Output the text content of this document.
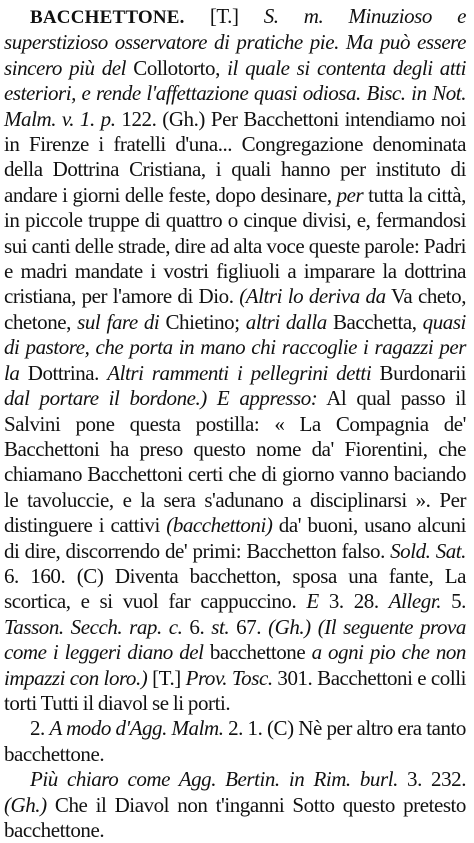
BACCHETTONE. [T.] S. m. Minuzioso e superstizioso osservatore di pratiche pie. Ma può essere sincero più del Collotorto, il quale si contenta degli atti esteriori, e rende l'affettazione quasi odiosa. Bisc. in Not. Malm. v. 1. p. 122. (Gh.) Per Bacchettoni intendiamo noi in Firenze i fratelli d'una... Congregazione denominata della Dottrina Cristiana, i quali hanno per instituto di andare i giorni delle feste, dopo desinare, per tutta la città, in piccole truppe di quattro o cinque divisi, e, fermandosi sui canti delle strade, dire ad alta voce queste parole: Padri e madri mandate i vostri figliuoli a imparare la dottrina cristiana, per l'amore di Dio. (Altri lo deriva da Va cheto, chetone, sul fare di Chietino; altri dalla Bacchetta, quasi di pastore, che porta in mano chi raccoglie i ragazzi per la Dottrina. Altri rammenti i pellegrini detti Burdonarii dal portare il bordone.) E appresso: Al qual passo il Salvini pone questa postilla: « La Compagnia de' Bacchettoni ha preso questo nome da' Fiorentini, che chiamano Bacchettoni certi che di giorno vanno baciando le tavoluccie, e la sera s'adunano a disciplinarsi ». Per distinguere i cattivi (bacchettoni) da' buoni, usano alcuni di dire, discorrendo de' primi: Bacchetton falso. Sold. Sat. 6. 160. (C) Diventa bacchetton, sposa una fante, La scortica, e si vuol far cappuccino. E 3. 28. Allegr. 5. Tasson. Secch. rap. c. 6. st. 67. (Gh.) (Il seguente prova come i leggeri diano del bacchettone a ogni pio che non impazzi con loro.) [T.] Prov. Tosc. 301. Bacchettoni e colli torti Tutti il diavol se li porti.

2. A modo d'Agg. Malm. 2. 1. (C) Nè per altro era tanto bacchettone.

Più chiaro come Agg. Bertin. in Rim. burl. 3. 232. (Gh.) Che il Diavol non t'inganni Sotto questo pretesto bacchettone.
